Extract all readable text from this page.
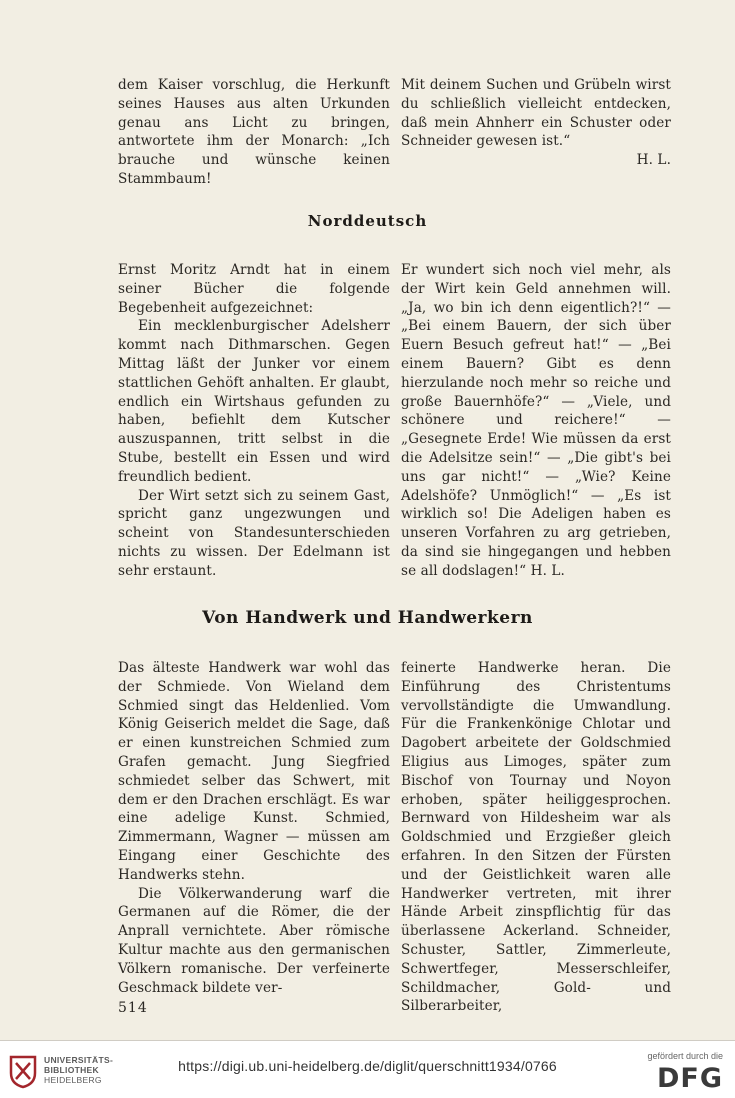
dem Kaiser vorschlug, die Herkunft seines Hauses aus alten Urkunden genau ans Licht zu bringen, antwortete ihm der Monarch: „Ich brauche und wünsche keinen Stammbaum!

Mit deinem Suchen und Grübeln wirst du schließlich vielleicht entdecken, daß mein Ahnherr ein Schuster oder Schneider gewesen ist.“

H. L.

Norddeutsch

Ernst Moritz Arndt hat in einem seiner Bücher die folgende Begebenheit aufgezeichnet:

Ein mecklenburgischer Adelsherr kommt nach Dithmarschen. Gegen Mittag läßt der Junker vor einem stattlichen Gehöft anhalten. Er glaubt, endlich ein Wirtshaus gefunden zu haben, befiehlt dem Kutscher auszuspannen, tritt selbst in die Stube, bestellt ein Essen und wird freundlich bedient.

Der Wirt setzt sich zu seinem Gast, spricht ganz ungezwungen und scheint von Standesunterschieden nichts zu wissen. Der Edelmann ist sehr erstaunt.

Er wundert sich noch viel mehr, als der Wirt kein Geld annehmen will. „Ja, wo bin ich denn eigentlich?!“ — „Bei einem Bauern, der sich über Euern Besuch gefreut hat!“ — „Bei einem Bauern? Gibt es denn hierzulande noch mehr so reiche und große Bauernhöfe?“ — „Viele, und schönere und reichere!“ — „Gesegnete Erde! Wie müssen da erst die Adelsitze sein!“ — „Die gibt's bei uns gar nicht!“ — „Wie? Keine Adelshöfe? Unmöglich!“ — „Es ist wirklich so! Die Adeligen haben es unseren Vorfahren zu arg getrieben, da sind sie hingegangen und hebben se all dodslagen!“ H. L.

Von Handwerk und Handwerkern

Das älteste Handwerk war wohl das der Schmiede. Von Wieland dem Schmied singt das Heldenlied. Vom König Geiserich meldet die Sage, daß er einen kunstreichen Schmied zum Grafen gemacht. Jung Siegfried schmiedet selber das Schwert, mit dem er den Drachen erschlägt. Es war eine adelige Kunst. Schmied, Zimmermann, Wagner — müssen am Eingang einer Geschichte des Handwerks stehn.

Die Völkerwanderung warf die Germanen auf die Römer, die der Anprall vernichtete. Aber römische Kultur machte aus den germanischen Völkern romanische. Der verfeinerte Geschmack bildete ver-

feinerte Handwerke heran. Die Einführung des Christentums vervollständigte die Umwandlung. Für die Frankenkönige Chlotar und Dagobert arbeitete der Goldschmied Eligius aus Limoges, später zum Bischof von Tournay und Noyon erhoben, später heiliggesprochen. Bernward von Hildesheim war als Goldschmied und Erzgießer gleich erfahren. In den Sitzen der Fürsten und der Geistlichkeit waren alle Handwerker vertreten, mit ihrer Hände Arbeit zinspflichtig für das überlassene Ackerland. Schneider, Schuster, Sattler, Zimmerleute, Schwertfeger, Messerschleifer, Schildmacher, Gold- und Silberarbeiter,

514
UNIVERSITÄTS-
BIBLIOTHEK
HEIDELBERG
https://digi.ub.uni-heidelberg.de/diglit/querschnitt1934/0766
gefördert durch die
DFG
